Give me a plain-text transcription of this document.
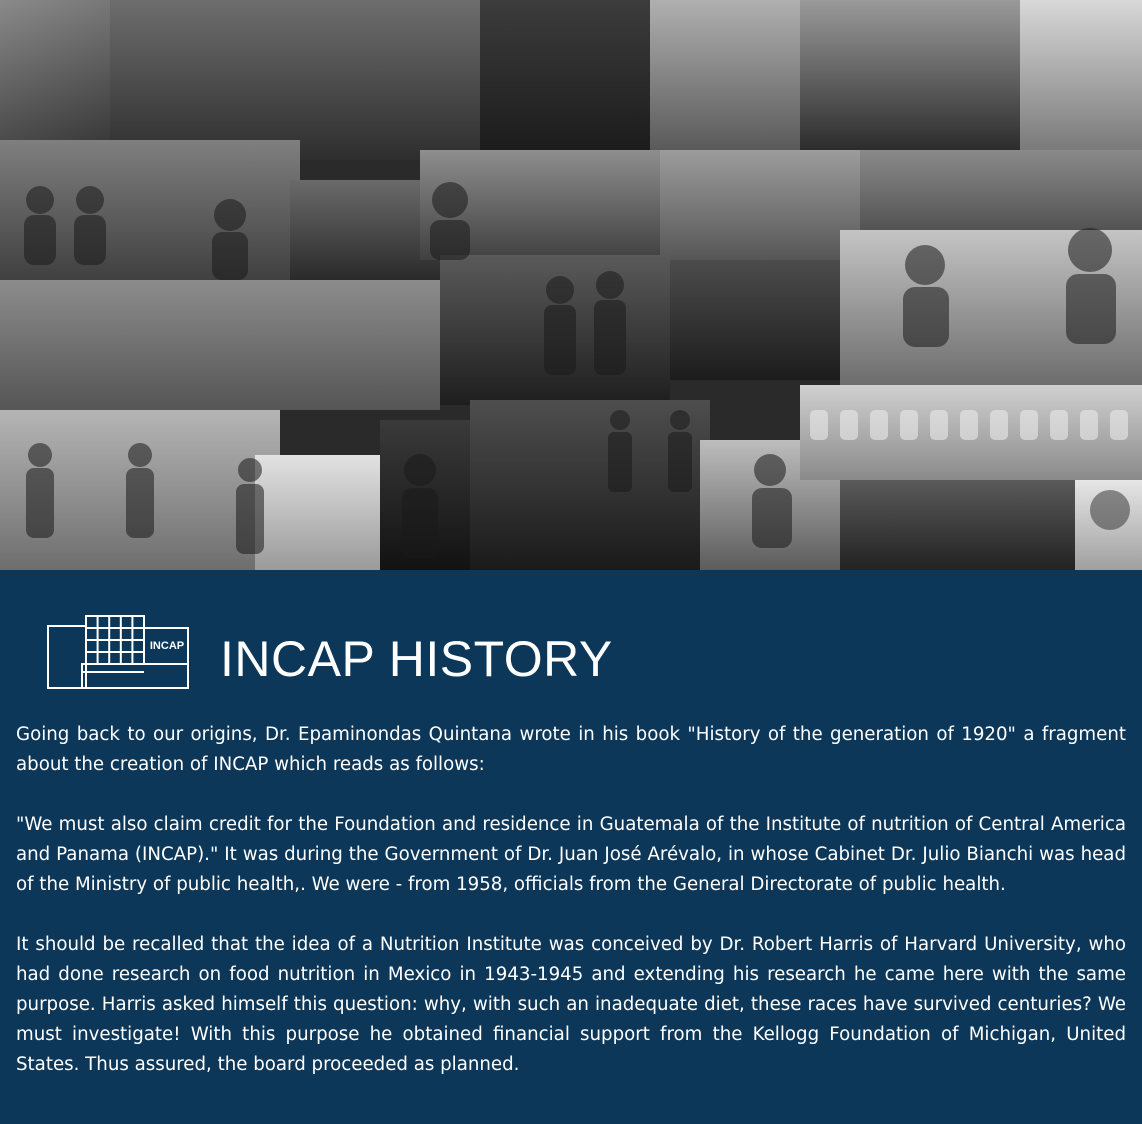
INCAP HISTORY
INCAP

Going back to our origins, Dr. Epaminondas Quintana wrote in his book "History of the generation of 1920" a fragment about the creation of INCAP which reads as follows:

"We must also claim credit for the Foundation and residence in Guatemala of the Institute of nutrition of Central America and Panama (INCAP)." It was during the Government of Dr. Juan José Arévalo, in whose Cabinet Dr. Julio Bianchi was head of the Ministry of public health,. We were - from 1958, officials from the General Directorate of public health.

It should be recalled that the idea of a Nutrition Institute was conceived by Dr. Robert Harris of Harvard University, who had done research on food nutrition in Mexico in 1943-1945 and extending his research he came here with the same purpose. Harris asked himself this question: why, with such an inadequate diet, these races have survived centuries? We must investigate! With this purpose he obtained financial support from the Kellogg Foundation of Michigan, United States. Thus assured, the board proceeded as planned.
